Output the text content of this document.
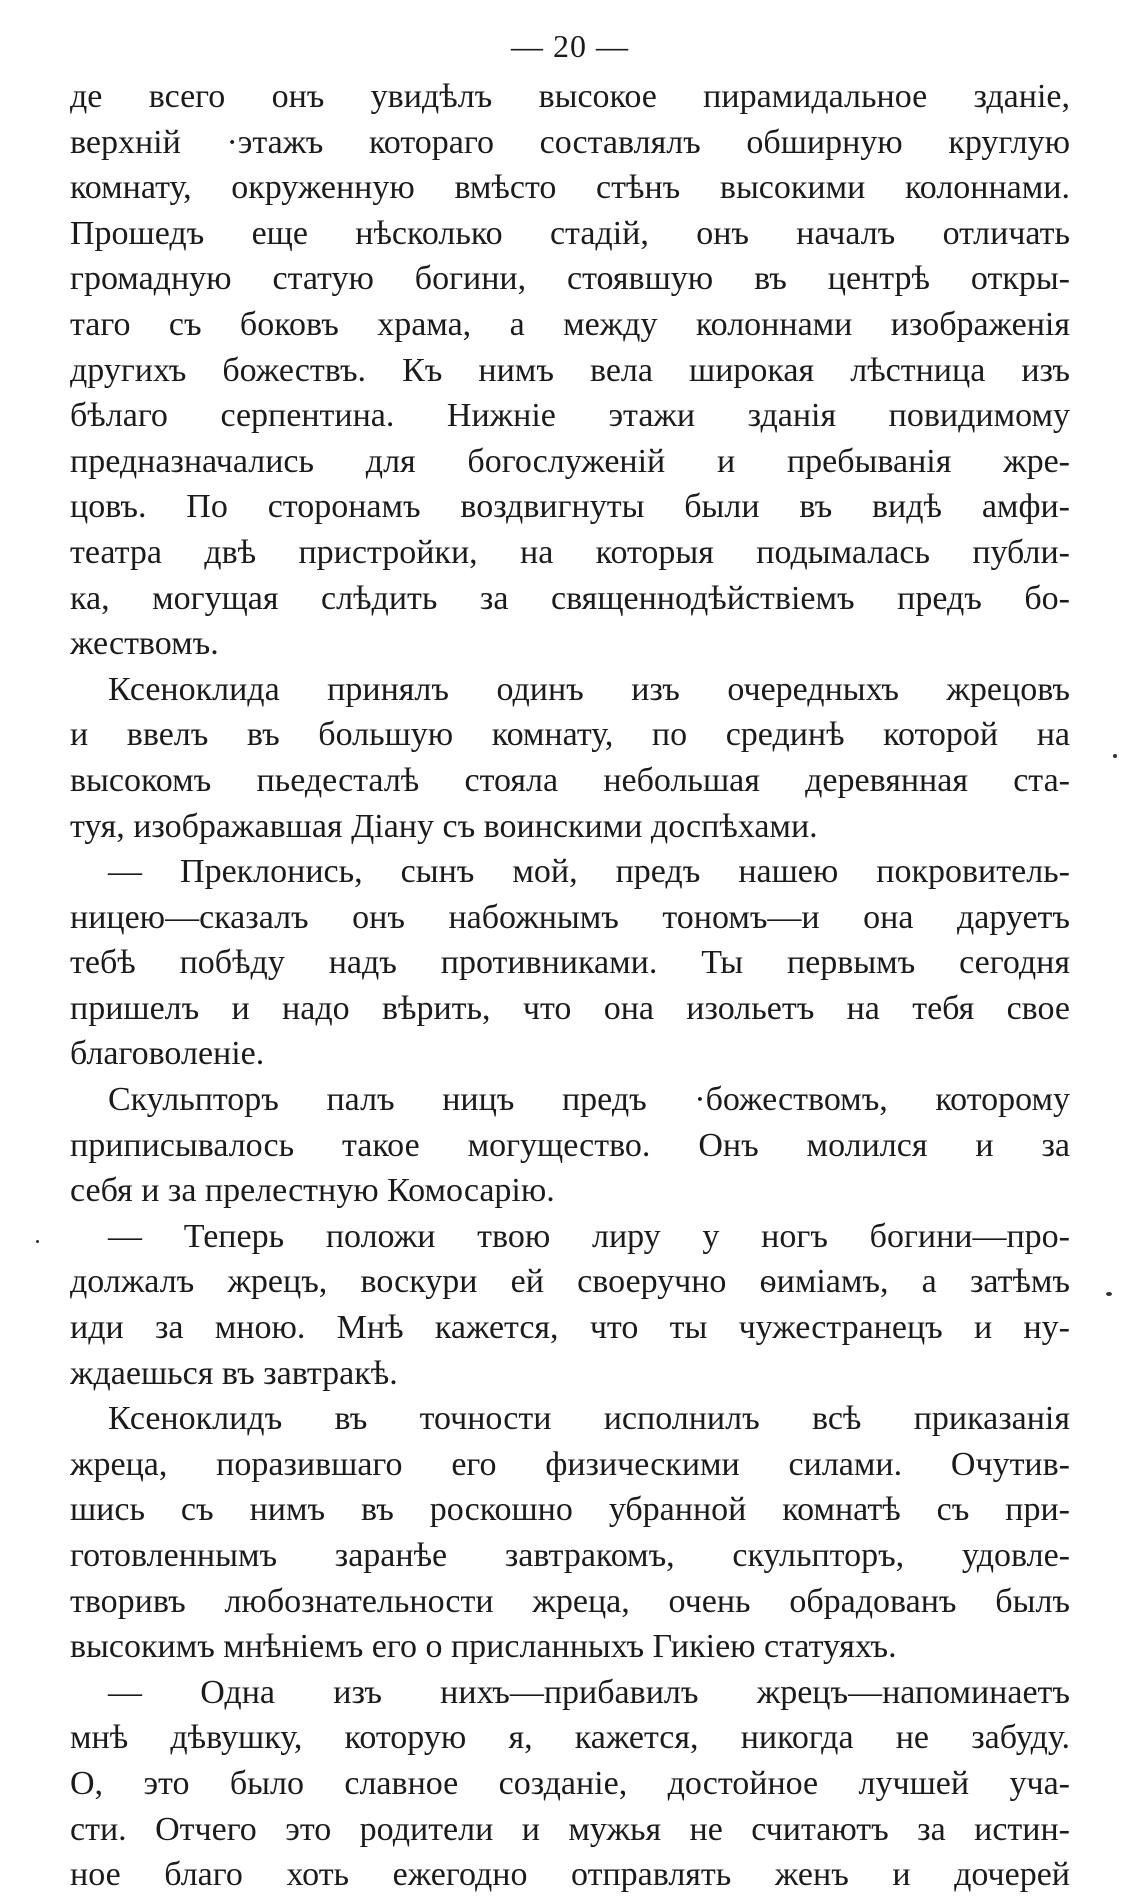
— 20 —
де всего онъ увидѣлъ высокое пирамидальное зданіе,
верхній ·этажъ котораго составлялъ обширную круглую
комнату, окруженную вмѣсто стѣнъ высокими колоннами.
Прошедъ еще нѣсколько стадій, онъ началъ отличать
громадную статую богини, стоявшую въ центрѣ откры-
таго съ боковъ храма, а между колоннами изображенія
другихъ божествъ. Къ нимъ вела широкая лѣстница изъ
бѣлаго серпентина. Нижніе этажи зданія повидимому
предназначались для богослуженій и пребыванія жре-
цовъ. По сторонамъ воздвигнуты были въ видѣ амфи-
театра двѣ пристройки, на которыя подымалась публи-
ка, могущая слѣдить за священнодѣйствіемъ предъ бо-
жествомъ.
Ксеноклида принялъ одинъ изъ очередныхъ жрецовъ
и ввелъ въ большую комнату, по срединѣ которой на
высокомъ пьедесталѣ стояла небольшая деревянная ста-
туя, изображавшая Діану съ воинскими доспѣхами.
— Преклонись, сынъ мой, предъ нашею покровитель-
ницею—сказалъ онъ набожнымъ тономъ—и она даруетъ
тебѣ побѣду надъ противниками. Ты первымъ сегодня
пришелъ и надо вѣрить, что она изольетъ на тебя свое
благоволеніе.
Скульпторъ палъ ницъ предъ ·божествомъ, которому
приписывалось такое могущество. Онъ молился и за
себя и за прелестную Комосарію.
— Теперь положи твою лиру у ногъ богини—про-
должалъ жрецъ, воскури ей своеручно ѳиміамъ, а затѣмъ
иди за мною. Мнѣ кажется, что ты чужестранецъ и ну-
ждаешься въ завтракѣ.
Ксеноклидъ въ точности исполнилъ всѣ приказанія
жреца, поразившаго его физическими силами. Очутив-
шись съ нимъ въ роскошно убранной комнатѣ съ при-
готовленнымъ заранѣе завтракомъ, скульпторъ, удовле-
творивъ любознательности жреца, очень обрадованъ былъ
высокимъ мнѣніемъ его о присланныхъ Гикіею статуяхъ.
— Одна изъ нихъ—прибавилъ жрецъ—напоминаетъ
мнѣ дѣвушку, которую я, кажется, никогда не забуду.
О, это было славное созданіе, достойное лучшей уча-
сти. Отчего это родители и мужья не считаютъ за истин-
ное благо хоть ежегодно отправлять женъ и дочерей
